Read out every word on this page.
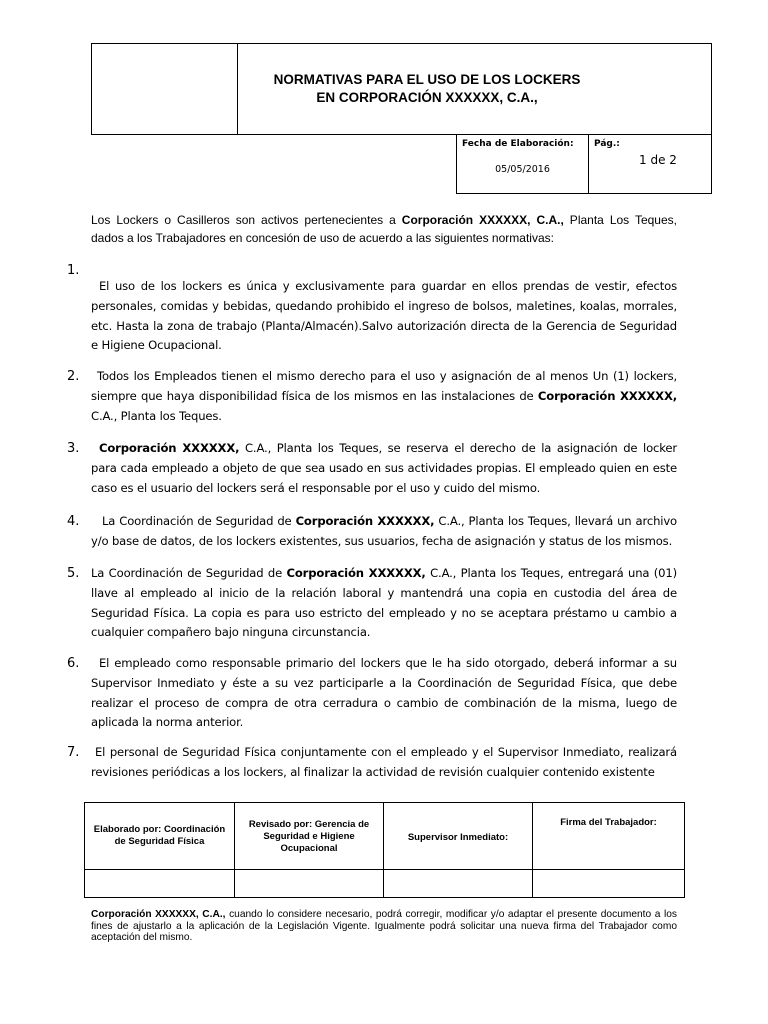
NORMATIVAS PARA EL USO DE LOS LOCKERS
EN CORPORACIÓN XXXXXX, C.A.,
Fecha de Elaboración:
05/05/2016
Pág.:
1 de 2
Los Lockers o Casilleros son activos pertenecientes a Corporación XXXXXX, C.A., Planta Los Teques, dados a los Trabajadores en concesión de uso de acuerdo a las siguientes normativas:
1.
El uso de los lockers es única y exclusivamente para guardar en ellos prendas de vestir, efectos personales, comidas y bebidas, quedando prohibido el ingreso de bolsos, maletines, koalas, morrales, etc. Hasta la zona de trabajo (Planta/Almacén).Salvo autorización directa de la Gerencia de Seguridad e Higiene Ocupacional.
2.	Todos los Empleados tienen el mismo derecho para el uso y asignación de al menos Un (1) lockers, siempre que haya disponibilidad física de los mismos en las instalaciones de Corporación XXXXXX, C.A., Planta los Teques.
3.	Corporación XXXXXX, C.A., Planta los Teques, se reserva el derecho de la asignación de locker para cada empleado a objeto de que sea usado en sus actividades propias. El empleado quien en este caso es el usuario del lockers será el responsable por el uso y cuido del mismo.
4.	La Coordinación de Seguridad de Corporación XXXXXX, C.A., Planta los Teques, llevará un archivo y/o base de datos, de los lockers existentes, sus usuarios, fecha de asignación y status de los mismos.
5. La Coordinación de Seguridad de Corporación XXXXXX, C.A., Planta los Teques, entregará una (01) llave al empleado al inicio de la relación laboral y mantendrá una copia en custodia del área de Seguridad Física. La copia es para uso estricto del empleado y no se aceptara préstamo u cambio a cualquier compañero bajo ninguna circunstancia.
6.	El empleado como responsable primario del lockers que le ha sido otorgado, deberá informar a su Supervisor Inmediato y éste a su vez participarle a la Coordinación de Seguridad Física, que debe realizar el proceso de compra de otra cerradura o cambio de combinación de la misma, luego de aplicada la norma anterior.
7.	El personal de Seguridad Física conjuntamente con el empleado y el Supervisor Inmediato, realizará revisiones periódicas a los lockers, al finalizar la actividad de revisión cualquier contenido existente
Elaborado por: Coordinación de Seguridad Física
Revisado por: Gerencia de Seguridad e Higiene Ocupacional
Supervisor Inmediato:
Firma del Trabajador:
Corporación XXXXXX, C.A., cuando lo considere necesario, podrá corregir, modificar y/o adaptar el presente documento a los fines de ajustarlo a la aplicación de la Legislación Vigente. Igualmente podrá solicitar una nueva firma del Trabajador como aceptación del mismo.
